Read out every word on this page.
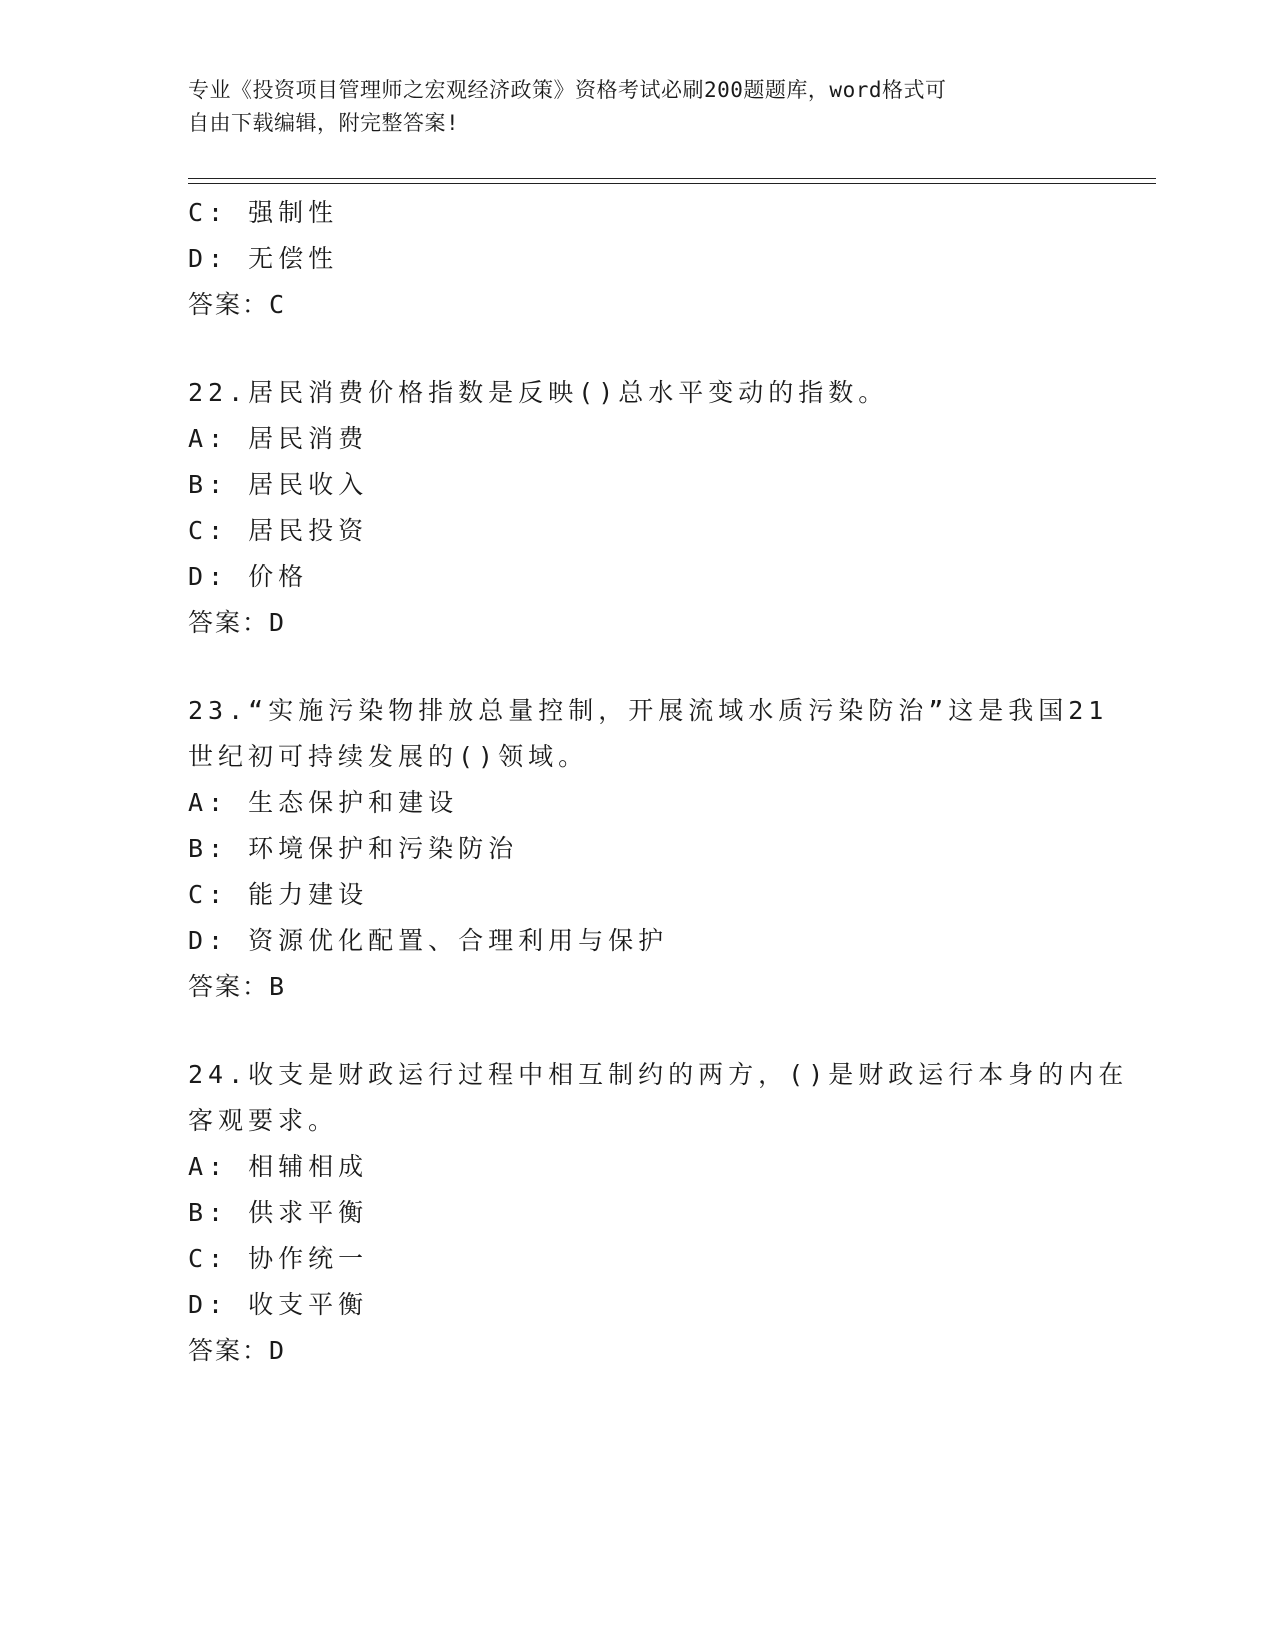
专业《投资项目管理师之宏观经济政策》资格考试必刷200题题库，word格式可
自由下载编辑，附完整答案!
C: 强制性
D: 无偿性
答案：C
22.居民消费价格指数是反映()总水平变动的指数。
A: 居民消费
B: 居民收入
C: 居民投资
D: 价格
答案：D
23.“实施污染物排放总量控制，开展流域水质污染防治”这是我国21
世纪初可持续发展的()领域。
A: 生态保护和建设
B: 环境保护和污染防治
C: 能力建设
D: 资源优化配置、合理利用与保护
答案：B
24.收支是财政运行过程中相互制约的两方，()是财政运行本身的内在
客观要求。
A: 相辅相成
B: 供求平衡
C: 协作统一
D: 收支平衡
答案：D
